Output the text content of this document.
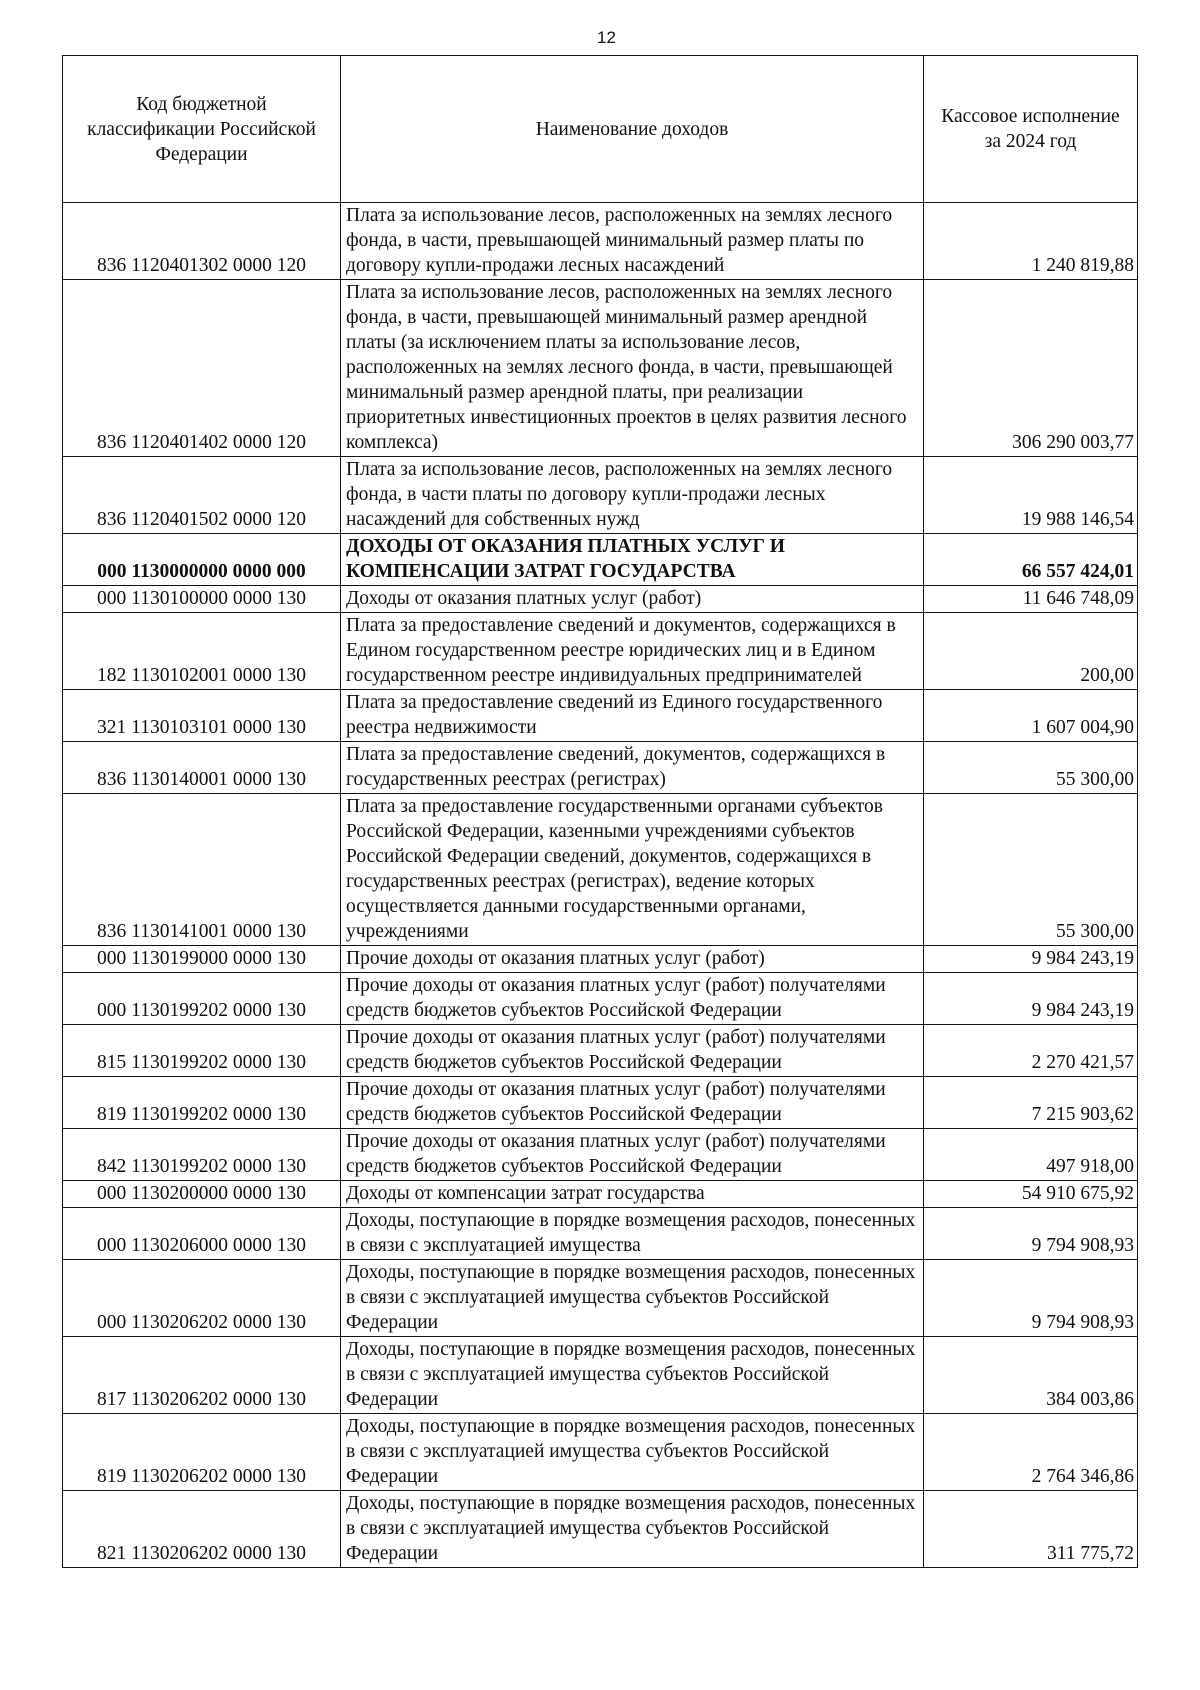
12
Код бюджетной классификации Российской Федерации	Наименование доходов	Кассовое исполнение за 2024 год
836 1120401302 0000 120	Плата за использование лесов, расположенных на землях лесного фонда, в части, превышающей минимальный размер платы по договору купли-продажи лесных насаждений	1 240 819,88
836 1120401402 0000 120	Плата за использование лесов, расположенных на землях лесного фонда, в части, превышающей минимальный размер арендной платы (за исключением платы за использование лесов, расположенных на землях лесного фонда, в части, превышающей минимальный размер арендной платы, при реализации приоритетных инвестиционных проектов в целях развития лесного комплекса)	306 290 003,77
836 1120401502 0000 120	Плата за использование лесов, расположенных на землях лесного фонда, в части платы по договору купли-продажи лесных насаждений для собственных нужд	19 988 146,54
000 1130000000 0000 000	ДОХОДЫ ОТ ОКАЗАНИЯ ПЛАТНЫХ УСЛУГ И КОМПЕНСАЦИИ ЗАТРАТ ГОСУДАРСТВА	66 557 424,01
000 1130100000 0000 130	Доходы от оказания платных услуг (работ)	11 646 748,09
182 1130102001 0000 130	Плата за предоставление сведений и документов, содержащихся в Едином государственном реестре юридических лиц и в Едином государственном реестре индивидуальных предпринимателей	200,00
321 1130103101 0000 130	Плата за предоставление сведений из Единого государственного реестра недвижимости	1 607 004,90
836 1130140001 0000 130	Плата за предоставление сведений, документов, содержащихся в государственных реестрах (регистрах)	55 300,00
836 1130141001 0000 130	Плата за предоставление государственными органами субъектов Российской Федерации, казенными учреждениями субъектов Российской Федерации сведений, документов, содержащихся в государственных реестрах (регистрах), ведение которых осуществляется данными государственными органами, учреждениями	55 300,00
000 1130199000 0000 130	Прочие доходы от оказания платных услуг (работ)	9 984 243,19
000 1130199202 0000 130	Прочие доходы от оказания платных услуг (работ) получателями средств бюджетов субъектов Российской Федерации	9 984 243,19
815 1130199202 0000 130	Прочие доходы от оказания платных услуг (работ) получателями средств бюджетов субъектов Российской Федерации	2 270 421,57
819 1130199202 0000 130	Прочие доходы от оказания платных услуг (работ) получателями средств бюджетов субъектов Российской Федерации	7 215 903,62
842 1130199202 0000 130	Прочие доходы от оказания платных услуг (работ) получателями средств бюджетов субъектов Российской Федерации	497 918,00
000 1130200000 0000 130	Доходы от компенсации затрат государства	54 910 675,92
000 1130206000 0000 130	Доходы, поступающие в порядке возмещения расходов, понесенных в связи с эксплуатацией имущества	9 794 908,93
000 1130206202 0000 130	Доходы, поступающие в порядке возмещения расходов, понесенных в связи с эксплуатацией имущества субъектов Российской Федерации	9 794 908,93
817 1130206202 0000 130	Доходы, поступающие в порядке возмещения расходов, понесенных в связи с эксплуатацией имущества субъектов Российской Федерации	384 003,86
819 1130206202 0000 130	Доходы, поступающие в порядке возмещения расходов, понесенных в связи с эксплуатацией имущества субъектов Российской Федерации	2 764 346,86
821 1130206202 0000 130	Доходы, поступающие в порядке возмещения расходов, понесенных в связи с эксплуатацией имущества субъектов Российской Федерации	311 775,72
